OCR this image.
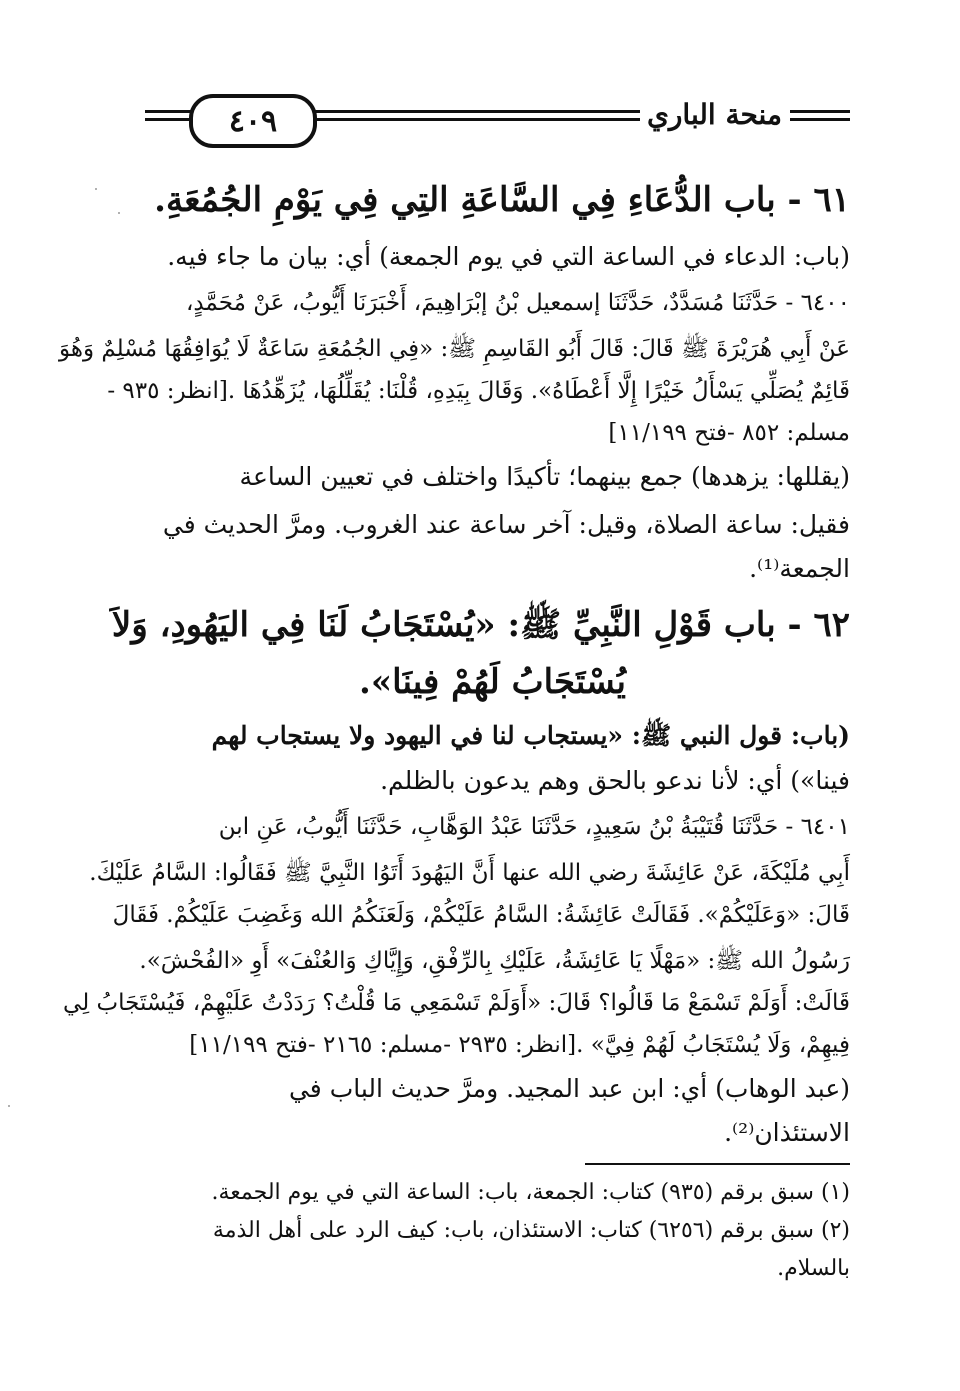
٤٠٩	منحة الباري
٦١ - باب الدُّعَاءِ فِي السَّاعَةِ التِي فِي يَوْمِ الجُمُعَةِ.
(باب: الدعاء في الساعة التي في يوم الجمعة) أي: بيان ما جاء فيه.
٦٤٠٠ - حَدَّثَنَا مُسَدَّدٌ، حَدَّثَنَا إسمعيل بْنُ إبْرَاهِيمَ، أَخْبَرَنَا أَيُّوبُ، عَنْ مُحَمَّدٍ،
عَنْ أَبِي هُرَيْرَةَ ﷺ قَالَ: قَالَ أَبُو القَاسِمِ ﷺ: «فِي الجُمُعَةِ سَاعَةٌ لَا يُوَافِقُهَا مُسْلِمٌ وَهُوَ
قَائِمٌ يُصَلِّي يَسْأَلُ خَيْرًا إِلَّا أَعْطَاهُ». وَقَالَ بِيَدِهِ، قُلْنَا: يُقَلِّلُهَا، يُزَهِّدُهَا .[انظر: ٩٣٥ -
مسلم: ٨٥٢ -فتح ١١/١٩٩]
(يقللها: يزهدها) جمع بينهما؛ تأكيدًا واختلف في تعيين الساعة
فقيل: ساعة الصلاة، وقيل: آخر ساعة عند الغروب. ومرَّ الحديث في
الجمعة⁽¹⁾.
٦٢ - باب قَوْلِ النَّبِيِّ ﷺ: «يُسْتَجَابُ لَنَا فِي اليَهُودِ، وَلاَ
يُسْتَجَابُ لَهُمْ فِينَا».
(باب: قول النبي ﷺ: «يستجاب لنا في اليهود ولا يستجاب لهم
فينا») أي: لأنا ندعو بالحق وهم يدعون بالظلم.
٦٤٠١ - حَدَّثَنَا قُتَيْبَةُ بْنُ سَعِيدٍ، حَدَّثَنَا عَبْدُ الوَهَّابِ، حَدَّثَنَا أَيُّوبُ، عَنِ ابن
أَبِي مُلَيْكَةَ، عَنْ عَائِشَةَ رضي الله عنها أَنَّ اليَهُودَ أَتَوُا النَّبِيَّ ﷺ فَقَالُوا: السَّامُ عَلَيْكَ.
قَالَ: «وَعَلَيْكُمْ». فَقَالَتْ عَائِشَةُ: السَّامُ عَلَيْكُمْ، وَلَعَنَكُمُ الله وَغَضِبَ عَلَيْكُمْ. فَقَالَ
رَسُولُ الله ﷺ: «مَهْلًا يَا عَائِشَةُ، عَلَيْكِ بِالرِّفْقِ، وَإِيَّاكِ وَالعُنْفَ» أَوِ «الفُحْشَ».
قَالَتْ: أَوَلَمْ تَسْمَعْ مَا قَالُوا؟ قَالَ: «أَوَلَمْ تَسْمَعِي مَا قُلْتُ؟ رَدَدْتُ عَلَيْهِمْ، فَيُسْتَجَابُ لِي
فِيهِمْ، وَلَا يُسْتَجَابُ لَهُمْ فِيَّ» .[انظر: ٢٩٣٥ -مسلم: ٢١٦٥ -فتح ١١/١٩٩]
(عبد الوهاب) أي: ابن عبد المجيد. ومرَّ حديث الباب في
الاستئذان⁽²⁾.
(١) سبق برقم (٩٣٥) كتاب: الجمعة، باب: الساعة التي في يوم الجمعة.
(٢) سبق برقم (٦٢٥٦) كتاب: الاستئذان، باب: كيف الرد على أهل الذمة
بالسلام.
